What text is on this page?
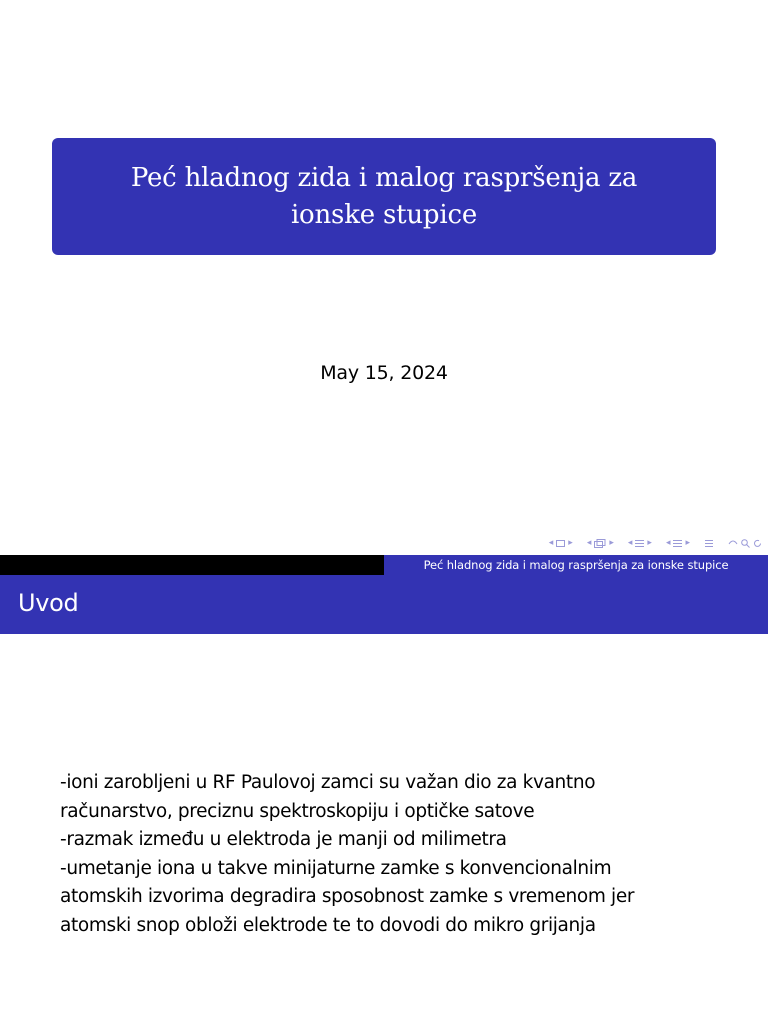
Peć hladnog zida i malog raspršenja za ionske stupice
May 15, 2024
◂ ▸ ◂ ▸ ◂ ▸ ◂ ▸
Peć hladnog zida i malog raspršenja za ionske stupice
Uvod

-ioni zarobljeni u RF Paulovoj zamci su važan dio za kvantno

računarstvo, preciznu spektroskopiju i optičke satove

-razmak između u elektroda je manji od milimetra

-umetanje iona u takve minijaturne zamke s konvencionalnim

atomskih izvorima degradira sposobnost zamke s vremenom jer

atomski snop obloži elektrode te to dovodi do mikro grijanja
